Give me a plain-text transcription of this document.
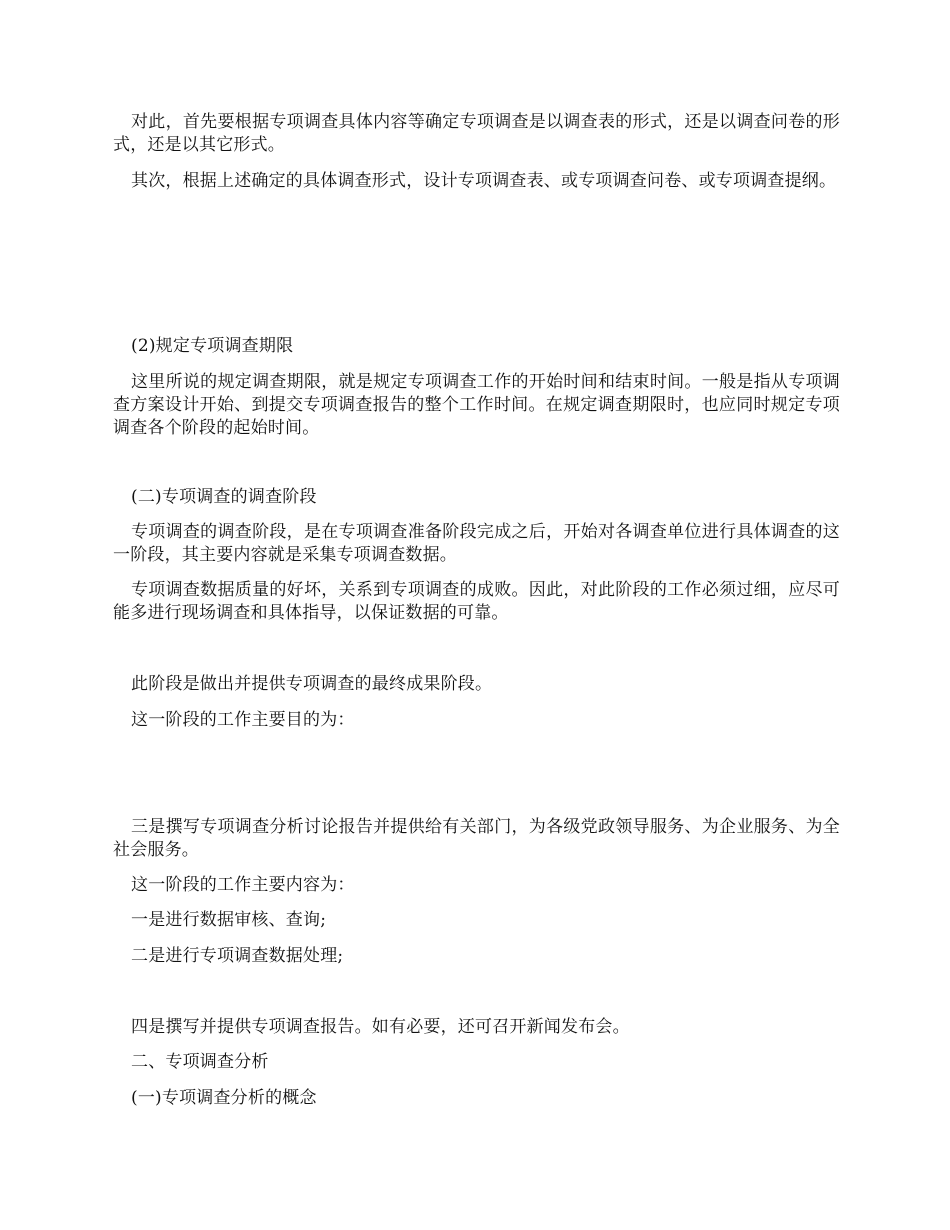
对此，首先要根据专项调查具体内容等确定专项调查是以调查表的形式，还是以调查问卷的形式，还是以其它形式。

其次，根据上述确定的具体调查形式，设计专项调查表、或专项调查问卷、或专项调查提纲。

(2)规定专项调查期限

这里所说的规定调查期限，就是规定专项调查工作的开始时间和结束时间。一般是指从专项调查方案设计开始、到提交专项调查报告的整个工作时间。在规定调查期限时，也应同时规定专项调查各个阶段的起始时间。

(二)专项调查的调查阶段

专项调查的调查阶段，是在专项调查准备阶段完成之后，开始对各调查单位进行具体调查的这一阶段，其主要内容就是采集专项调查数据。

专项调查数据质量的好坏，关系到专项调查的成败。因此，对此阶段的工作必须过细，应尽可能多进行现场调查和具体指导，以保证数据的可靠。

此阶段是做出并提供专项调查的最终成果阶段。

这一阶段的工作主要目的为：

三是撰写专项调查分析讨论报告并提供给有关部门，为各级党政领导服务、为企业服务、为全社会服务。

这一阶段的工作主要内容为：

一是进行数据审核、查询;

二是进行专项调查数据处理;

四是撰写并提供专项调查报告。如有必要，还可召开新闻发布会。

二、专项调查分析

(一)专项调查分析的概念
